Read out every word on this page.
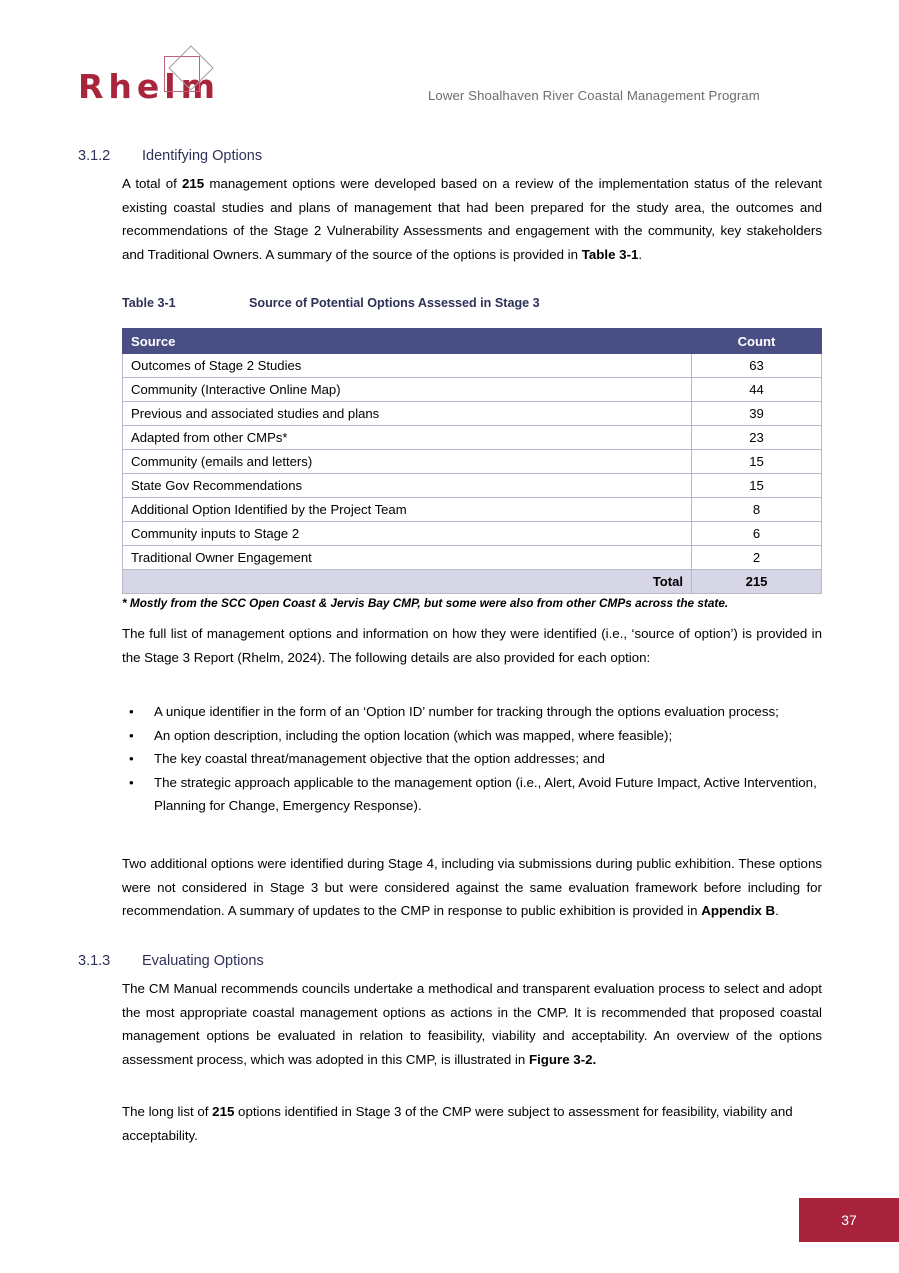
Rhelm	Lower Shoalhaven River Coastal Management Program
3.1.2 Identifying Options

A total of 215 management options were developed based on a review of the implementation status of the relevant existing coastal studies and plans of management that had been prepared for the study area, the outcomes and recommendations of the Stage 2 Vulnerability Assessments and engagement with the community, key stakeholders and Traditional Owners. A summary of the source of the options is provided in Table 3-1.

Table 3-1	Source of Potential Options Assessed in Stage 3
Source	Count
Outcomes of Stage 2 Studies	63
Community (Interactive Online Map)	44
Previous and associated studies and plans	39
Adapted from other CMPs*	23
Community (emails and letters)	15
State Gov Recommendations	15
Additional Option Identified by the Project Team	8
Community inputs to Stage 2	6
Traditional Owner Engagement	2
Total	215
* Mostly from the SCC Open Coast & Jervis Bay CMP, but some were also from other CMPs across the state.

The full list of management options and information on how they were identified (i.e., ‘source of option’) is provided in the Stage 3 Report (Rhelm, 2024). The following details are also provided for each option:

• A unique identifier in the form of an ‘Option ID’ number for tracking through the options evaluation process;
• An option description, including the option location (which was mapped, where feasible);
• The key coastal threat/management objective that the option addresses; and
• The strategic approach applicable to the management option (i.e., Alert, Avoid Future Impact, Active Intervention, Planning for Change, Emergency Response).

Two additional options were identified during Stage 4, including via submissions during public exhibition. These options were not considered in Stage 3 but were considered against the same evaluation framework before including for recommendation. A summary of updates to the CMP in response to public exhibition is provided in Appendix B.

3.1.3 Evaluating Options

The CM Manual recommends councils undertake a methodical and transparent evaluation process to select and adopt the most appropriate coastal management options as actions in the CMP. It is recommended that proposed coastal management options be evaluated in relation to feasibility, viability and acceptability. An overview of the options assessment process, which was adopted in this CMP, is illustrated in Figure 3-2.

The long list of 215 options identified in Stage 3 of the CMP were subject to assessment for feasibility, viability and acceptability.

37
